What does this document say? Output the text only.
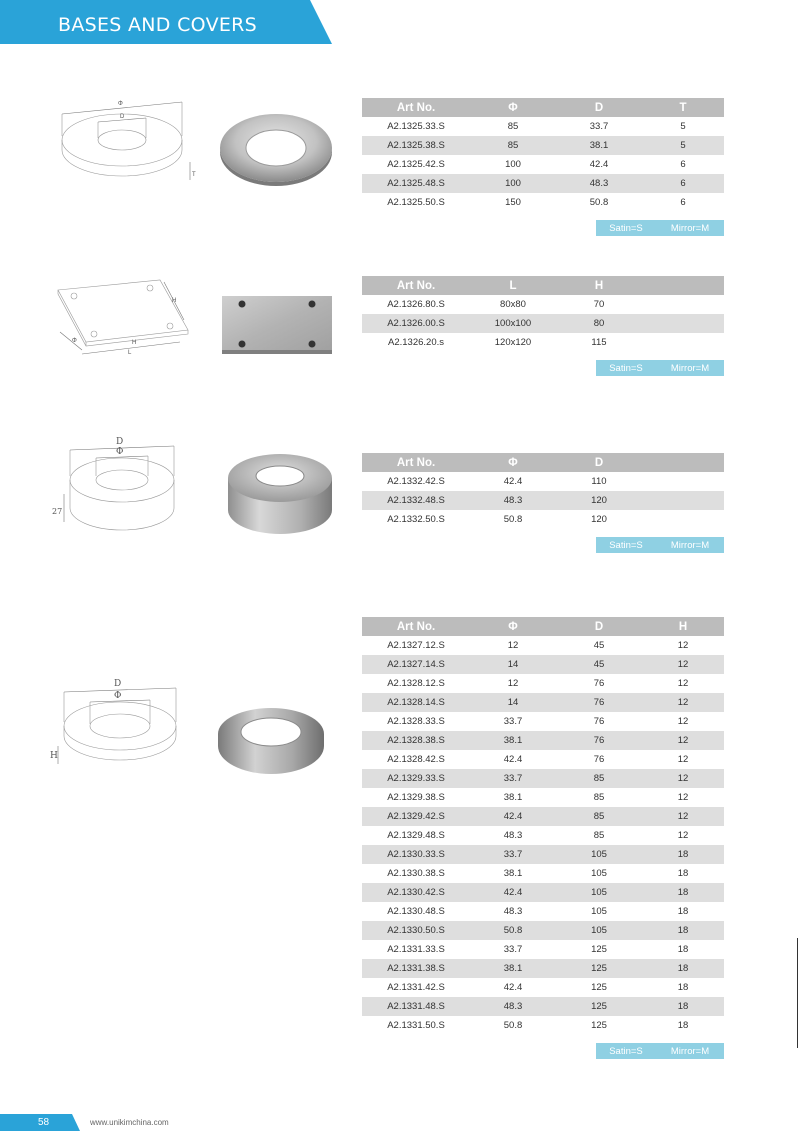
BASES AND COVERS
Φ
D
T
Art No.	Φ	D	T
A2.1325.33.S	85	33.7	5
A2.1325.38.S	85	38.1	5
A2.1325.42.S	100	42.4	6
A2.1325.48.S	100	48.3	6
A2.1325.50.S	150	50.8	6
Satin=S	Mirror=M
H
L
H
Φ
Art No.	L	H
A2.1326.80.S	80x80	70
A2.1326.00.S	100x100	80
A2.1326.20.s	120x120	115
Satin=S	Mirror=M
D
Φ
27
Art No.	Φ	D
A2.1332.42.S	42.4	110
A2.1332.48.S	48.3	120
A2.1332.50.S	50.8	120
Satin=S	Mirror=M
D
Φ
H
Art No.	Φ	D	H
A2.1327.12.S	12	45	12
A2.1327.14.S	14	45	12
A2.1328.12.S	12	76	12
A2.1328.14.S	14	76	12
A2.1328.33.S	33.7	76	12
A2.1328.38.S	38.1	76	12
A2.1328.42.S	42.4	76	12
A2.1329.33.S	33.7	85	12
A2.1329.38.S	38.1	85	12
A2.1329.42.S	42.4	85	12
A2.1329.48.S	48.3	85	12
A2.1330.33.S	33.7	105	18
A2.1330.38.S	38.1	105	18
A2.1330.42.S	42.4	105	18
A2.1330.48.S	48.3	105	18
A2.1330.50.S	50.8	105	18
A2.1331.33.S	33.7	125	18
A2.1331.38.S	38.1	125	18
A2.1331.42.S	42.4	125	18
A2.1331.48.S	48.3	125	18
A2.1331.50.S	50.8	125	18
Satin=S	Mirror=M
58	www.unikimchina.com
